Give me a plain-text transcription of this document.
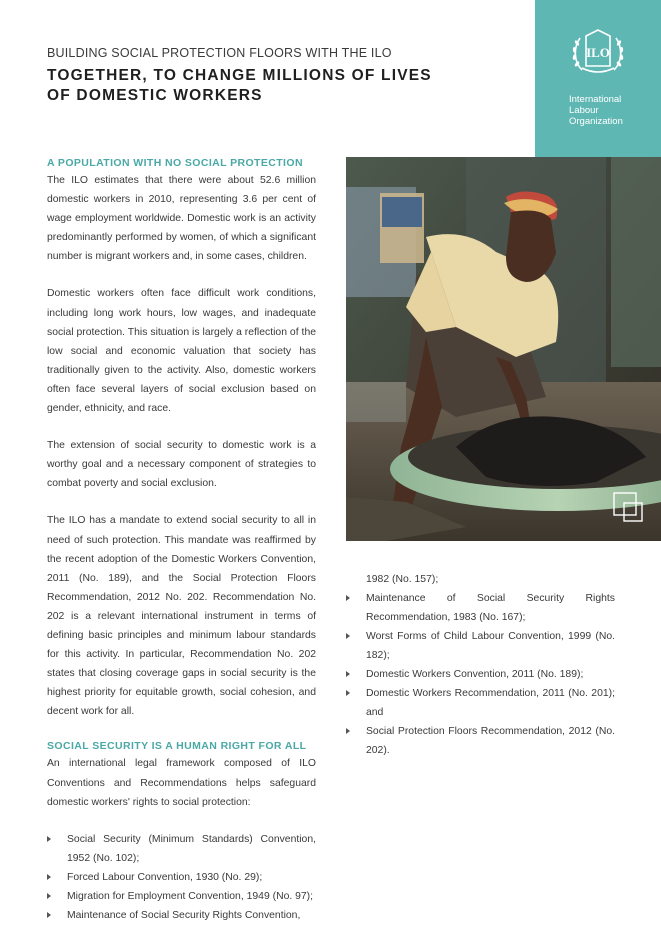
BUILDING SOCIAL PROTECTION FLOORS WITH THE ILO
TOGETHER, TO CHANGE MILLIONS OF LIVES
OF DOMESTIC WORKERS
ILO
International
Labour
Organization
A POPULATION WITH NO SOCIAL PROTECTION

The ILO estimates that there were about 52.6 million domestic workers in 2010, representing 3.6 per cent of wage employment worldwide. Domestic work is an activity predominantly performed by women, of which a significant number is migrant workers and, in some cases, children.

Domestic workers often face difficult work conditions, including long work hours, low wages, and inadequate social protection. This situation is largely a reflection of the low social and economic valuation that society has traditionally given to the activity. Also, domestic workers often face several layers of social exclusion based on gender, ethnicity, and race.

The extension of social security to domestic work is a worthy goal and a necessary component of strategies to combat poverty and social exclusion.

The ILO has a mandate to extend social security to all in need of such protection. This mandate was reaffirmed by the recent adoption of the Domestic Workers Convention, 2011 (No. 189), and the Social Protection Floors Recommendation, 2012 No. 202. Recommendation No. 202 is a relevant international instrument in terms of defining basic principles and minimum labour standards for this activity. In particular, Recommendation No. 202 states that closing coverage gaps in social security is the highest priority for equitable growth, social cohesion, and decent work for all.

SOCIAL SECURITY IS A HUMAN RIGHT FOR ALL

An international legal framework composed of ILO Conventions and Recommendations helps safeguard domestic workers' rights to social protection:

Social Security (Minimum Standards) Convention, 1952 (No. 102);
Forced Labour Convention, 1930 (No. 29);
Migration for Employment Convention, 1949 (No. 97);
Maintenance of Social Security Rights Convention,
1982 (No. 157);
Maintenance of Social Security Rights Recommendation, 1983 (No. 167);
Worst Forms of Child Labour Convention, 1999 (No. 182);
Domestic Workers Convention, 2011 (No. 189);
Domestic Workers Recommendation, 2011 (No. 201); and
Social Protection Floors Recommendation, 2012 (No. 202).
